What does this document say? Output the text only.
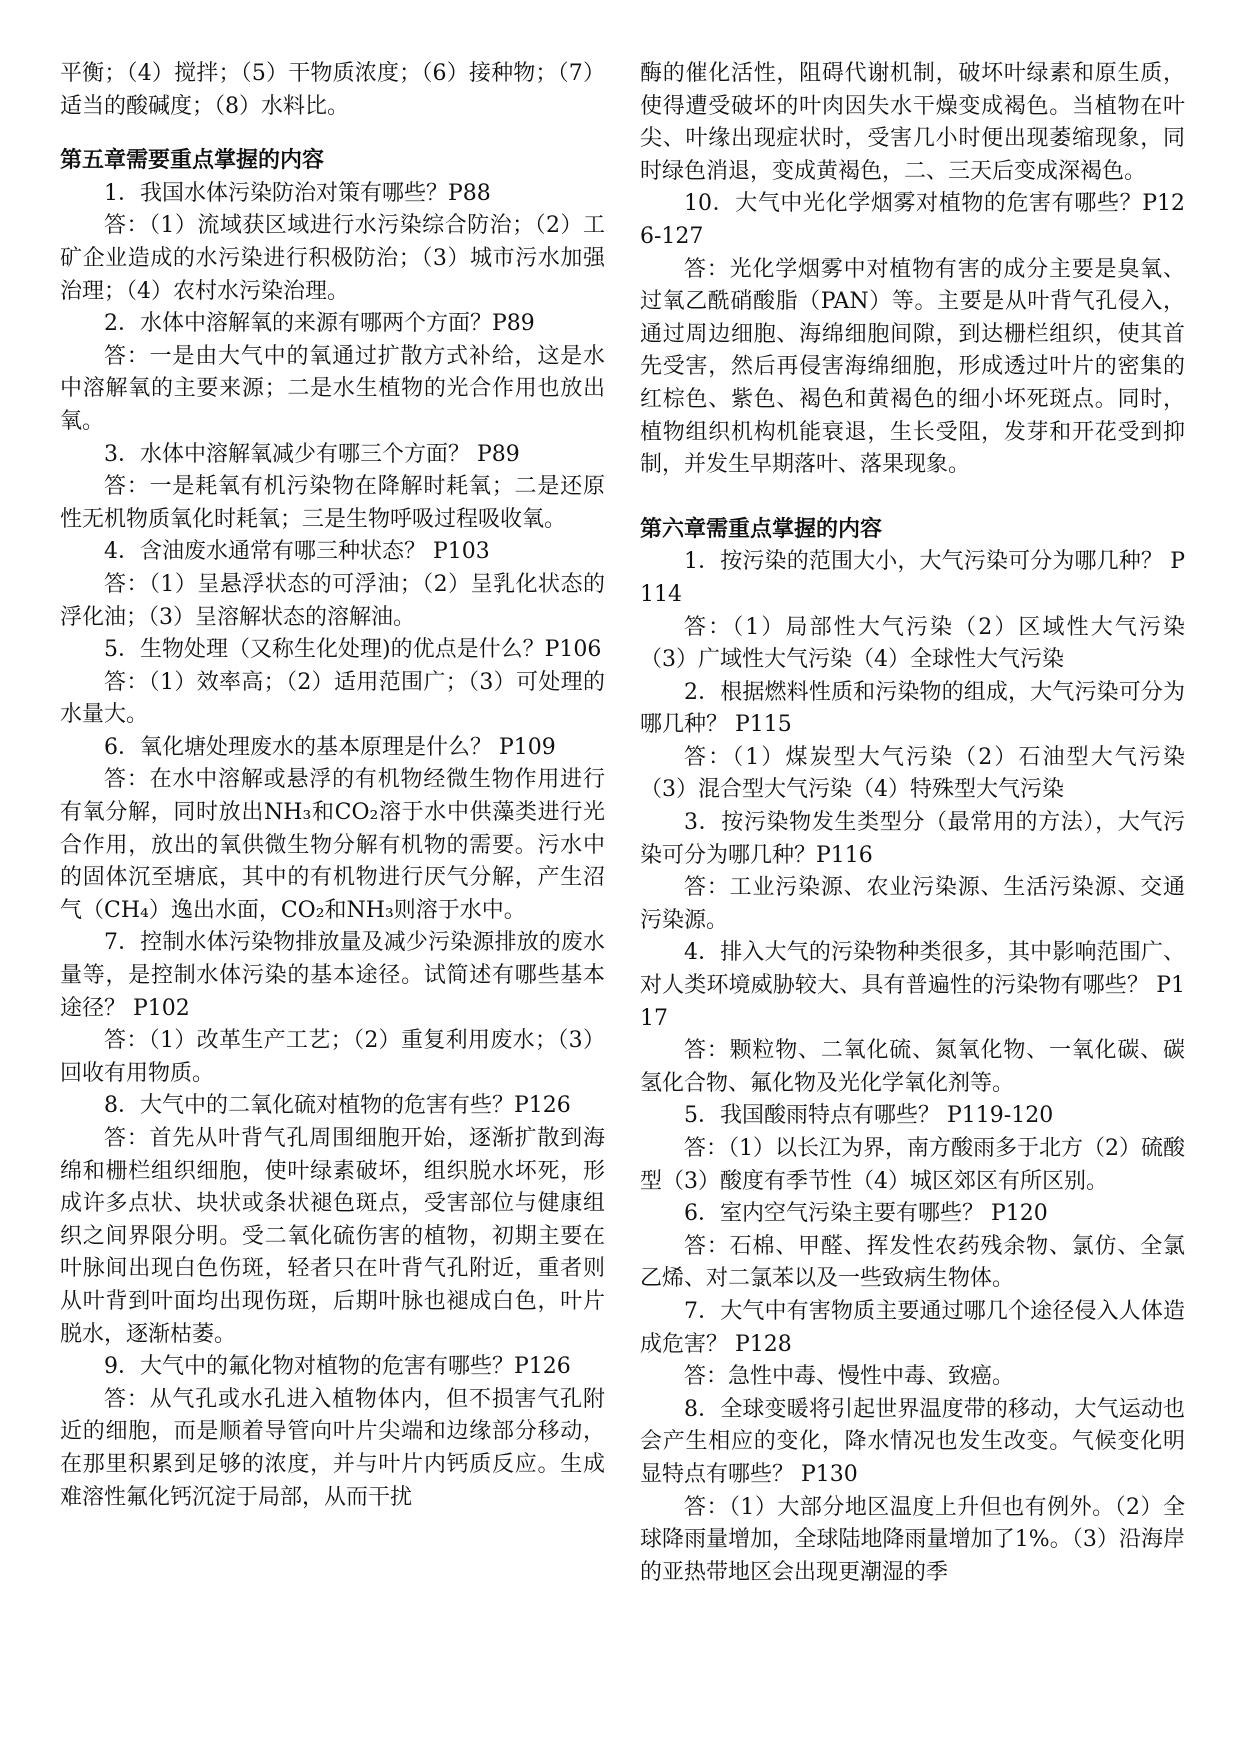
平衡；（4）搅拌；（5）干物质浓度；（6）接种物；（7）适当的酸碱度；（8）水料比。

第五章需要重点掌握的内容

1．我国水体污染防治对策有哪些？P88

答：（1）流域获区域进行水污染综合防治；（2）工矿企业造成的水污染进行积极防治；（3）城市污水加强治理；（4）农村水污染治理。

2．水体中溶解氧的来源有哪两个方面？P89

答：一是由大气中的氧通过扩散方式补给，这是水中溶解氧的主要来源；二是水生植物的光合作用也放出氧。

3．水体中溶解氧减少有哪三个方面？ P89

答：一是耗氧有机污染物在降解时耗氧；二是还原性无机物质氧化时耗氧；三是生物呼吸过程吸收氧。

4．含油废水通常有哪三种状态？ P103

答：（1）呈悬浮状态的可浮油；（2）呈乳化状态的浮化油；（3）呈溶解状态的溶解油。

5．生物处理（又称生化处理)的优点是什么？P106

答：（1）效率高；（2）适用范围广；（3）可处理的水量大。

6．氧化塘处理废水的基本原理是什么？ P109

答：在水中溶解或悬浮的有机物经微生物作用进行有氧分解，同时放出NH₃和CO₂溶于水中供藻类进行光合作用，放出的氧供微生物分解有机物的需要。污水中的固体沉至塘底，其中的有机物进行厌气分解，产生沼气（CH₄）逸出水面，CO₂和NH₃则溶于水中。

7．控制水体污染物排放量及减少污染源排放的废水量等，是控制水体污染的基本途径。试简述有哪些基本途径？ P102

答：（1）改革生产工艺；（2）重复利用废水；（3）回收有用物质。

8．大气中的二氧化硫对植物的危害有些？P126

答：首先从叶背气孔周围细胞开始，逐渐扩散到海绵和栅栏组织细胞，使叶绿素破坏，组织脱水坏死，形成许多点状、块状或条状褪色斑点，受害部位与健康组织之间界限分明。受二氧化硫伤害的植物，初期主要在叶脉间出现白色伤斑，轻者只在叶背气孔附近，重者则从叶背到叶面均出现伤斑，后期叶脉也褪成白色，叶片脱水，逐渐枯萎。

9．大气中的氟化物对植物的危害有哪些？P126

答：从气孔或水孔进入植物体内，但不损害气孔附近的细胞，而是顺着导管向叶片尖端和边缘部分移动，在那里积累到足够的浓度，并与叶片内钙质反应。生成难溶性氟化钙沉淀于局部，从而干扰

酶的催化活性，阻碍代谢机制，破坏叶绿素和原生质，使得遭受破坏的叶肉因失水干燥变成褐色。当植物在叶尖、叶缘出现症状时，受害几小时便出现萎缩现象，同时绿色消退，变成黄褐色，二、三天后变成深褐色。

10．大气中光化学烟雾对植物的危害有哪些？P126-127

答：光化学烟雾中对植物有害的成分主要是臭氧、过氧乙酰硝酸脂（PAN）等。主要是从叶背气孔侵入，通过周边细胞、海绵细胞间隙，到达栅栏组织，使其首先受害，然后再侵害海绵细胞，形成透过叶片的密集的红棕色、紫色、褐色和黄褐色的细小坏死斑点。同时，植物组织机构机能衰退，生长受阻，发芽和开花受到抑制，并发生早期落叶、落果现象。

第六章需重点掌握的内容

1．按污染的范围大小，大气污染可分为哪几种？ P114

答：（1）局部性大气污染（2）区域性大气污染（3）广域性大气污染（4）全球性大气污染

2．根据燃料性质和污染物的组成，大气污染可分为哪几种？ P115

答：（1）煤炭型大气污染（2）石油型大气污染（3）混合型大气污染（4）特殊型大气污染

3．按污染物发生类型分（最常用的方法），大气污染可分为哪几种？P116

答：工业污染源、农业污染源、生活污染源、交通污染源。

4．排入大气的污染物种类很多，其中影响范围广、对人类环境威胁较大、具有普遍性的污染物有哪些？ P117

答：颗粒物、二氧化硫、氮氧化物、一氧化碳、碳氢化合物、氟化物及光化学氧化剂等。

5．我国酸雨特点有哪些？ P119-120

答：（1）以长江为界，南方酸雨多于北方（2）硫酸型（3）酸度有季节性（4）城区郊区有所区别。

6．室内空气污染主要有哪些？ P120

答：石棉、甲醛、挥发性农药残余物、氯仿、全氯乙烯、对二氯苯以及一些致病生物体。

7．大气中有害物质主要通过哪几个途径侵入人体造成危害？ P128

答：急性中毒、慢性中毒、致癌。

8．全球变暖将引起世界温度带的移动，大气运动也会产生相应的变化，降水情况也发生改变。气候变化明显特点有哪些？ P130

答：（1）大部分地区温度上升但也有例外。（2）全球降雨量增加，全球陆地降雨量增加了1%。（3）沿海岸的亚热带地区会出现更潮湿的季
